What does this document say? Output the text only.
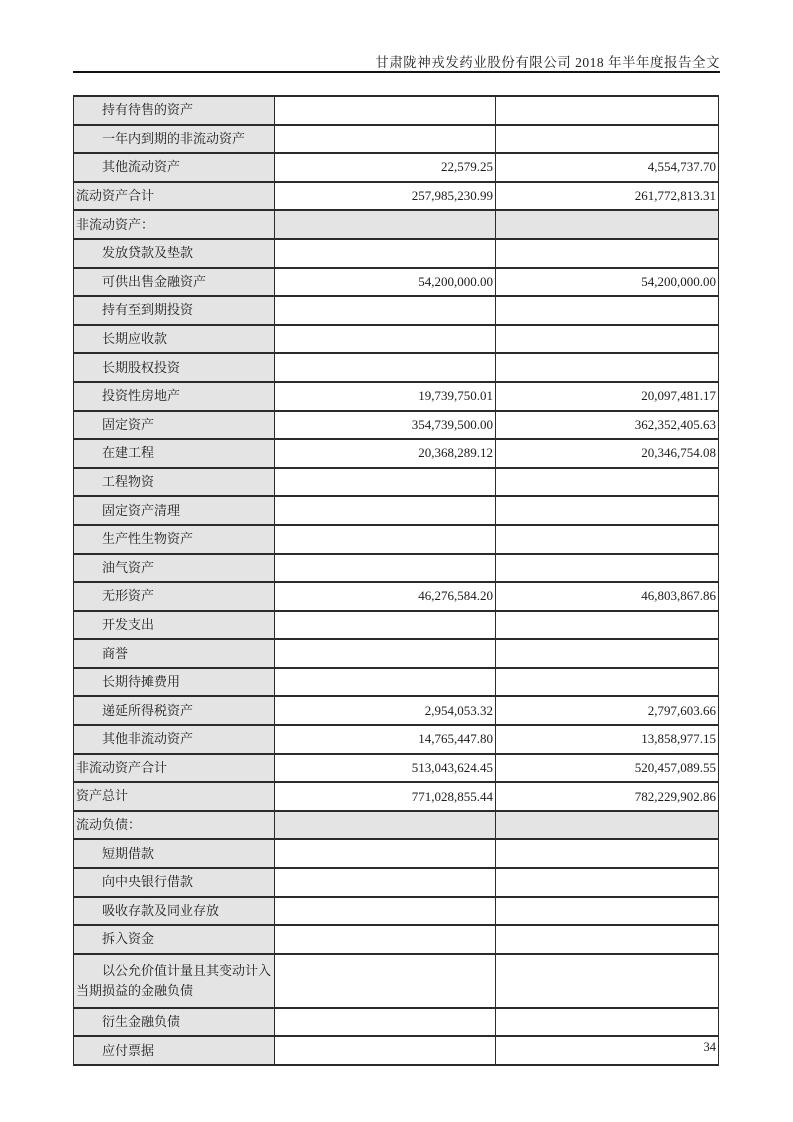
甘肃陇神戎发药业股份有限公司 2018 年半年度报告全文
持有待售的资产		
一年内到期的非流动资产		
其他流动资产	22,579.25	4,554,737.70
流动资产合计	257,985,230.99	261,772,813.31
非流动资产：		
发放贷款及垫款		
可供出售金融资产	54,200,000.00	54,200,000.00
持有至到期投资		
长期应收款		
长期股权投资		
投资性房地产	19,739,750.01	20,097,481.17
固定资产	354,739,500.00	362,352,405.63
在建工程	20,368,289.12	20,346,754.08
工程物资		
固定资产清理		
生产性生物资产		
油气资产		
无形资产	46,276,584.20	46,803,867.86
开发支出		
商誉		
长期待摊费用		
递延所得税资产	2,954,053.32	2,797,603.66
其他非流动资产	14,765,447.80	13,858,977.15
非流动资产合计	513,043,624.45	520,457,089.55
资产总计	771,028,855.44	782,229,902.86
流动负债：		
短期借款		
向中央银行借款		
吸收存款及同业存放		
拆入资金		
以公允价值计量且其变动计入当期损益的金融负债		
衍生金融负债		
应付票据			34
